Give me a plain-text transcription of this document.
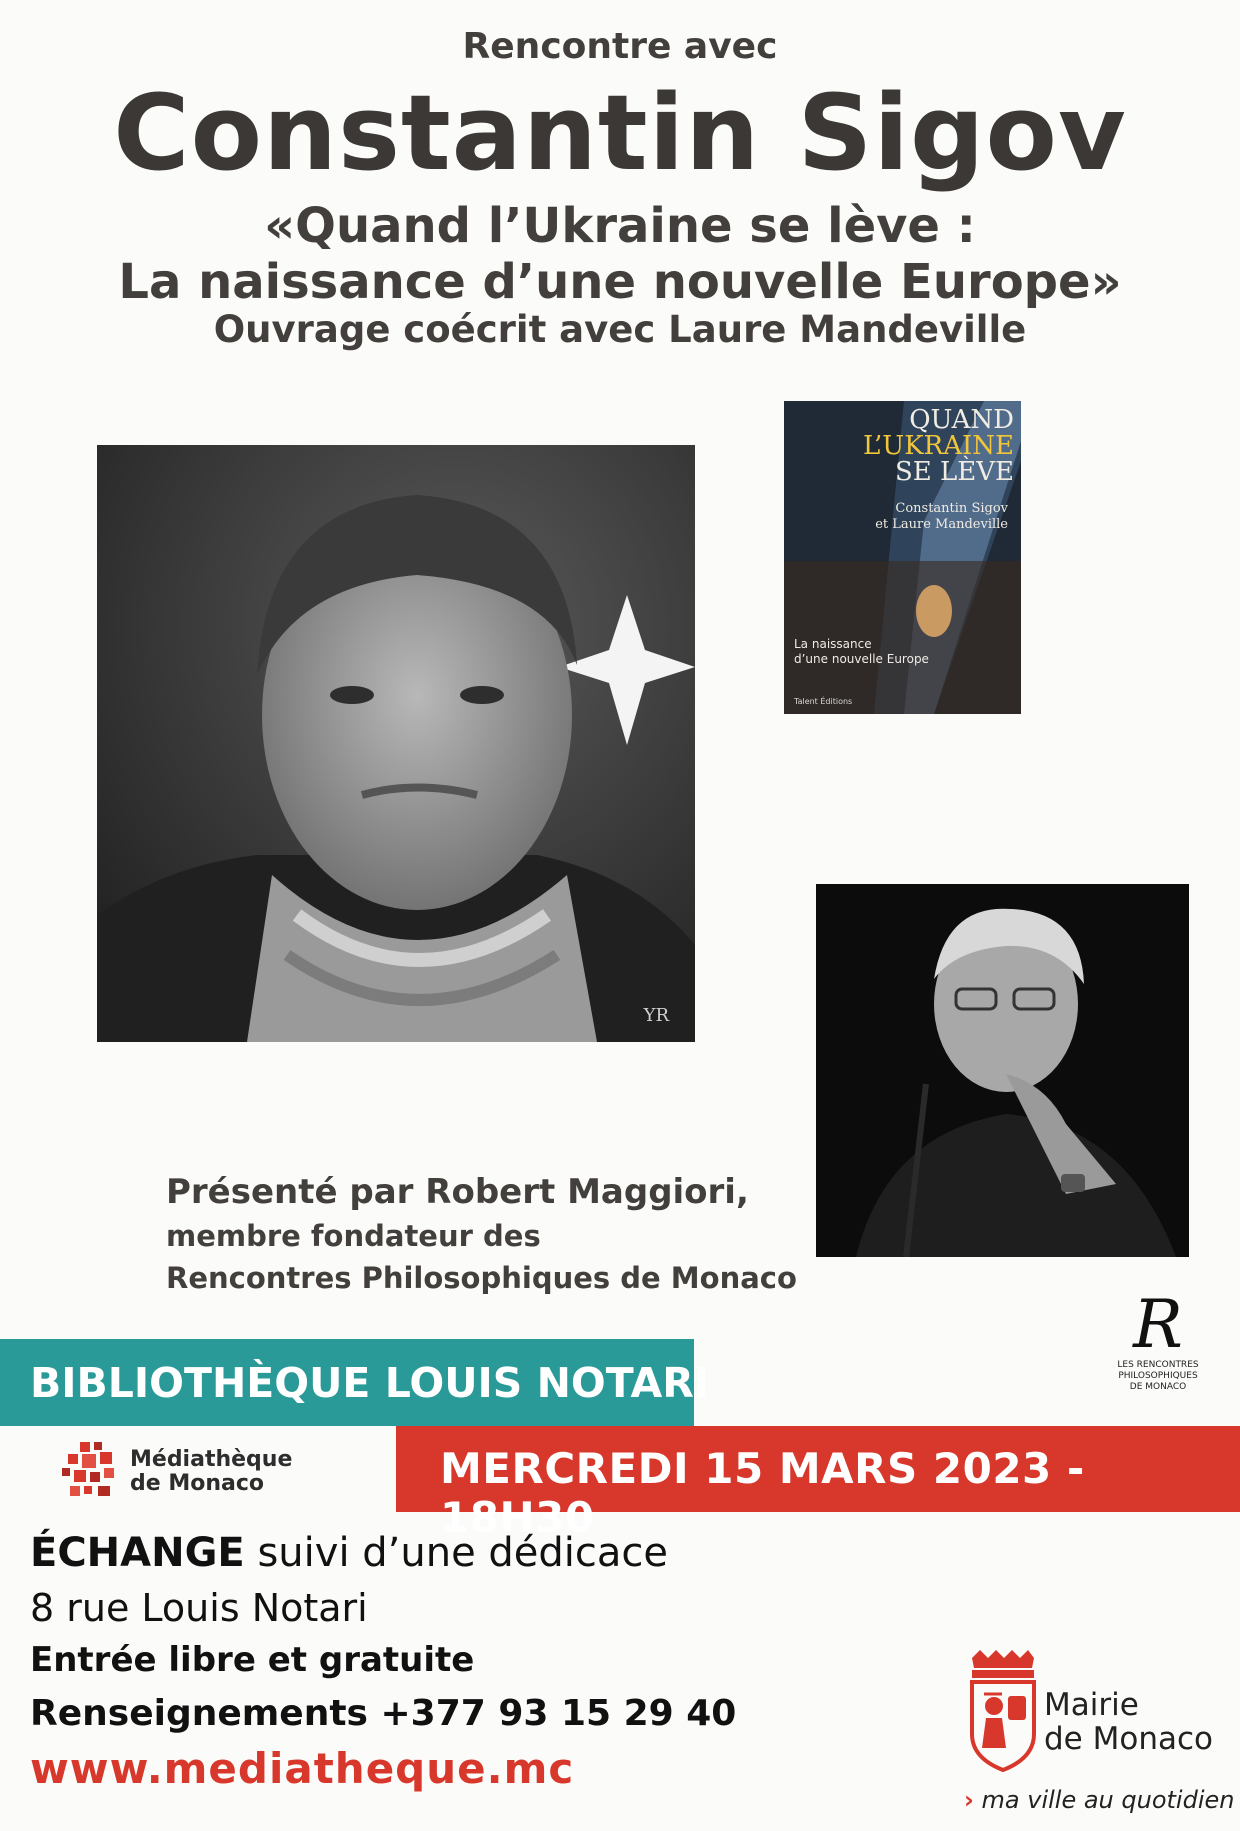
Rencontre avec
Constantin Sigov
«Quand l’Ukraine se lève :
La naissance d’une nouvelle Europe»
Ouvrage coécrit avec Laure Mandeville
YR
QUAND
L’UKRAINE
SE LÈVE
Constantin Sigov
et Laure Mandeville
La naissance
d’une nouvelle Europe
Talent Éditions
Présenté par Robert Maggiori,
membre fondateur des
Rencontres Philosophiques de Monaco
R
LES RENCONTRES
PHILOSOPHIQUES
DE MONACO
BIBLIOTHÈQUE LOUIS NOTARI
MERCREDI 15 MARS 2023 - 18H30
Médiathèque
de Monaco
ÉCHANGE suivi d’une dédicace
8 rue Louis Notari
Entrée libre et gratuite
Renseignements +377 93 15 29 40
www.mediatheque.mc
Mairie
de Monaco
› ma ville au quotidien
